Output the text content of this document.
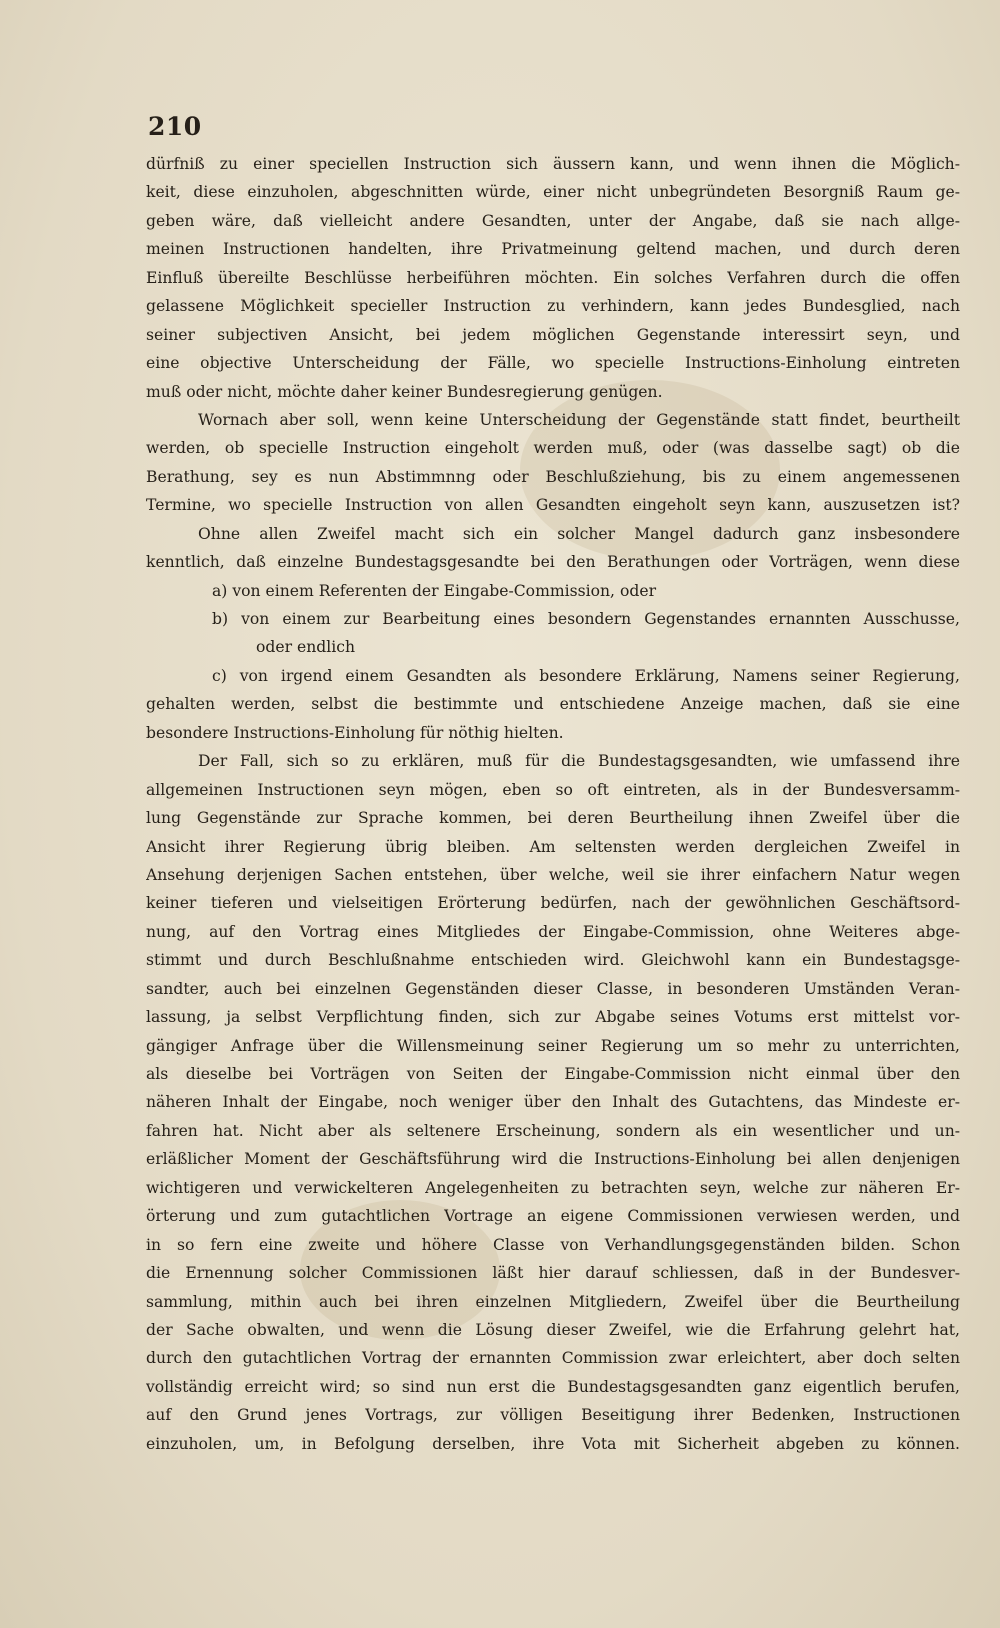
210
dürfniß zu einer speciellen Instruction sich äussern kann, und wenn ihnen die Möglich-
keit, diese einzuholen, abgeschnitten würde, einer nicht unbegründeten Besorgniß Raum ge-
geben wäre, daß vielleicht andere Gesandten, unter der Angabe, daß sie nach allge-
meinen Instructionen handelten, ihre Privatmeinung geltend machen, und durch deren
Einfluß übereilte Beschlüsse herbeiführen möchten. Ein solches Verfahren durch die offen
gelassene Möglichkeit specieller Instruction zu verhindern, kann jedes Bundesglied, nach
seiner subjectiven Ansicht, bei jedem möglichen Gegenstande interessirt seyn, und
eine objective Unterscheidung der Fälle, wo specielle Instructions-Einholung eintreten
muß oder nicht, möchte daher keiner Bundesregierung genügen.
Wornach aber soll, wenn keine Unterscheidung der Gegenstände statt findet, beurtheilt
werden, ob specielle Instruction eingeholt werden muß, oder (was dasselbe sagt) ob die
Berathung, sey es nun Abstimmnng oder Beschlußziehung, bis zu einem angemessenen
Termine, wo specielle Instruction von allen Gesandten eingeholt seyn kann, auszusetzen ist?
Ohne allen Zweifel macht sich ein solcher Mangel dadurch ganz insbesondere
kenntlich, daß einzelne Bundestagsgesandte bei den Berathungen oder Vorträgen, wenn diese
a) von einem Referenten der Eingabe-Commission, oder
b) von einem zur Bearbeitung eines besondern Gegenstandes ernannten Ausschusse,
oder endlich
c) von irgend einem Gesandten als besondere Erklärung, Namens seiner Regierung,
gehalten werden, selbst die bestimmte und entschiedene Anzeige machen, daß sie eine
besondere Instructions-Einholung für nöthig hielten.
Der Fall, sich so zu erklären, muß für die Bundestagsgesandten, wie umfassend ihre
allgemeinen Instructionen seyn mögen, eben so oft eintreten, als in der Bundesversamm-
lung Gegenstände zur Sprache kommen, bei deren Beurtheilung ihnen Zweifel über die
Ansicht ihrer Regierung übrig bleiben. Am seltensten werden dergleichen Zweifel in
Ansehung derjenigen Sachen entstehen, über welche, weil sie ihrer einfachern Natur wegen
keiner tieferen und vielseitigen Erörterung bedürfen, nach der gewöhnlichen Geschäftsord-
nung, auf den Vortrag eines Mitgliedes der Eingabe-Commission, ohne Weiteres abge-
stimmt und durch Beschlußnahme entschieden wird. Gleichwohl kann ein Bundestagsge-
sandter, auch bei einzelnen Gegenständen dieser Classe, in besonderen Umständen Veran-
lassung, ja selbst Verpflichtung finden, sich zur Abgabe seines Votums erst mittelst vor-
gängiger Anfrage über die Willensmeinung seiner Regierung um so mehr zu unterrichten,
als dieselbe bei Vorträgen von Seiten der Eingabe-Commission nicht einmal über den
näheren Inhalt der Eingabe, noch weniger über den Inhalt des Gutachtens, das Mindeste er-
fahren hat. Nicht aber als seltenere Erscheinung, sondern als ein wesentlicher und un-
erläßlicher Moment der Geschäftsführung wird die Instructions-Einholung bei allen denjenigen
wichtigeren und verwickelteren Angelegenheiten zu betrachten seyn, welche zur näheren Er-
örterung und zum gutachtlichen Vortrage an eigene Commissionen verwiesen werden, und
in so fern eine zweite und höhere Classe von Verhandlungsgegenständen bilden. Schon
die Ernennung solcher Commissionen läßt hier darauf schliessen, daß in der Bundesver-
sammlung, mithin auch bei ihren einzelnen Mitgliedern, Zweifel über die Beurtheilung
der Sache obwalten, und wenn die Lösung dieser Zweifel, wie die Erfahrung gelehrt hat,
durch den gutachtlichen Vortrag der ernannten Commission zwar erleichtert, aber doch selten
vollständig erreicht wird; so sind nun erst die Bundestagsgesandten ganz eigentlich berufen,
auf den Grund jenes Vortrags, zur völligen Beseitigung ihrer Bedenken, Instructionen
einzuholen, um, in Befolgung derselben, ihre Vota mit Sicherheit abgeben zu können.
